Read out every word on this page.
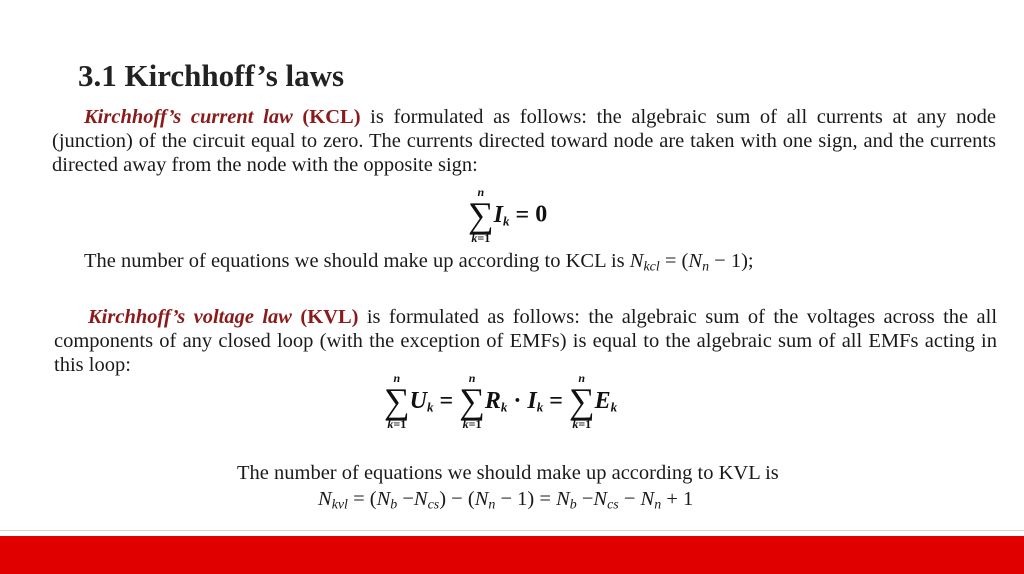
3.1 Kirchhoff’s laws

Kirchhoff’s current law (KCL) is formulated as follows: the algebraic sum of all currents at any node (junction) of the circuit equal to zero. The currents directed toward node are taken with one sign, and the currents directed away from the node with the opposite sign:

n
∑
k=1
$I_k = 0$
The number of equations we should make up according to KCL is $N_{kcl} = (N_n - 1)$;

Kirchhoff’s voltage law (KVL) is formulated as follows: the algebraic sum of the voltages across the all components of any closed loop (with the exception of EMFs) is equal to the algebraic sum of all EMFs acting in this loop:

n
∑
k=1
$U_k$ =
n
∑
k=1
$R_k \cdot I_k$ =
n
∑
k=1
$E_k$
The number of equations we should make up according to KVL is
$N_{kvl} = (N_b -N_{cs}) - (N_n - 1) = N_b -N_{cs} - N_n + 1$
